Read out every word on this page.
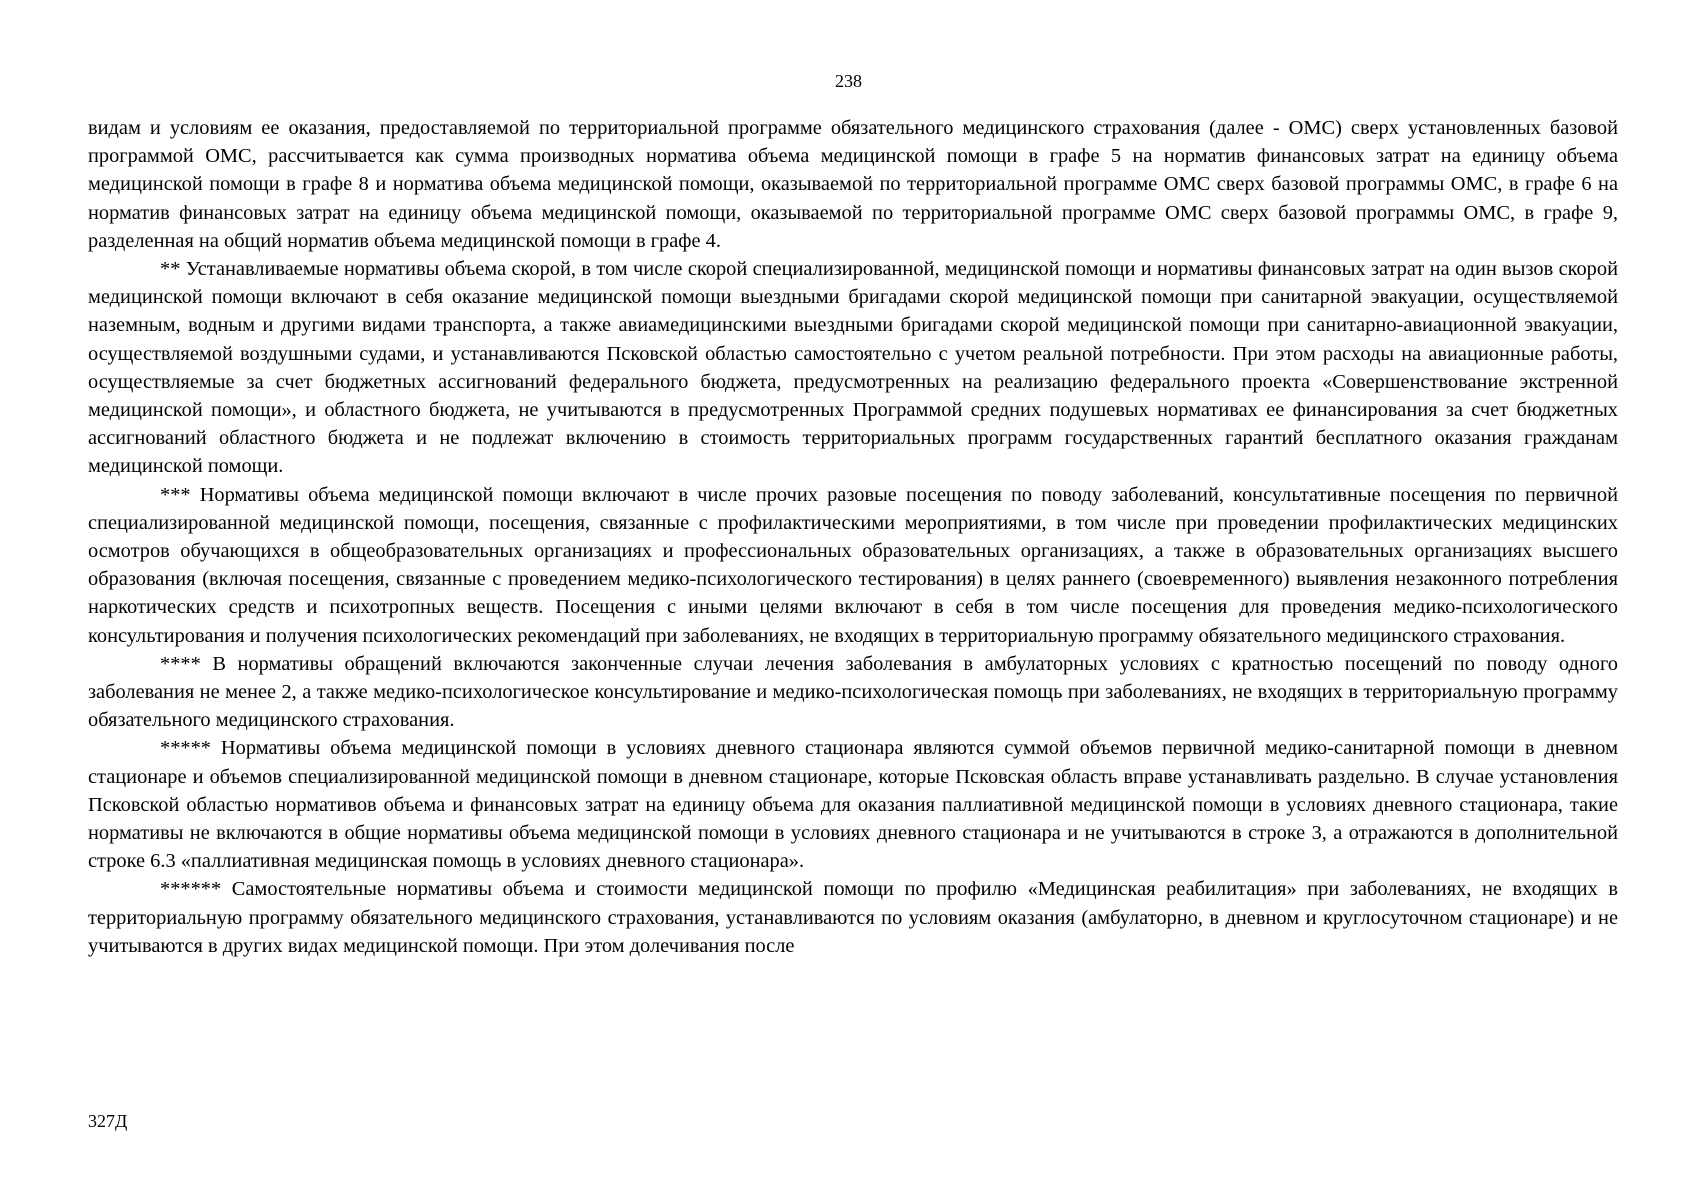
238

видам и условиям ее оказания, предоставляемой по территориальной программе обязательного медицинского страхования (далее - ОМС) сверх установленных базовой программой ОМС, рассчитывается как сумма производных норматива объема медицинской помощи в графе 5 на норматив финансовых затрат на единицу объема медицинской помощи в графе 8 и норматива объема медицинской помощи, оказываемой по территориальной программе ОМС сверх базовой программы ОМС, в графе 6 на норматив финансовых затрат на единицу объема медицинской помощи, оказываемой по территориальной программе ОМС сверх базовой программы ОМС, в графе 9, разделенная на общий норматив объема медицинской помощи в графе 4.

** Устанавливаемые нормативы объема скорой, в том числе скорой специализированной, медицинской помощи и нормативы финансовых затрат на один вызов скорой медицинской помощи включают в себя оказание медицинской помощи выездными бригадами скорой медицинской помощи при санитарной эвакуации, осуществляемой наземным, водным и другими видами транспорта, а также авиамедицинскими выездными бригадами скорой медицинской помощи при санитарно-авиационной эвакуации, осуществляемой воздушными судами, и устанавливаются Псковской областью самостоятельно с учетом реальной потребности. При этом расходы на авиационные работы, осуществляемые за счет бюджетных ассигнований федерального бюджета, предусмотренных на реализацию федерального проекта «Совершенствование экстренной медицинской помощи», и областного бюджета, не учитываются в предусмотренных Программой средних подушевых нормативах ее финансирования за счет бюджетных ассигнований областного бюджета и не подлежат включению в стоимость территориальных программ государственных гарантий бесплатного оказания гражданам медицинской помощи.

*** Нормативы объема медицинской помощи включают в числе прочих разовые посещения по поводу заболеваний, консультативные посещения по первичной специализированной медицинской помощи, посещения, связанные с профилактическими мероприятиями, в том числе при проведении профилактических медицинских осмотров обучающихся в общеобразовательных организациях и профессиональных образовательных организациях, а также в образовательных организациях высшего образования (включая посещения, связанные с проведением медико-психологического тестирования) в целях раннего (своевременного) выявления незаконного потребления наркотических средств и психотропных веществ. Посещения с иными целями включают в себя в том числе посещения для проведения медико-психологического консультирования и получения психологических рекомендаций при заболеваниях, не входящих в территориальную программу обязательного медицинского страхования.

**** В нормативы обращений включаются законченные случаи лечения заболевания в амбулаторных условиях с кратностью посещений по поводу одного заболевания не менее 2, а также медико-психологическое консультирование и медико-психологическая помощь при заболеваниях, не входящих в территориальную программу обязательного медицинского страхования.

***** Нормативы объема медицинской помощи в условиях дневного стационара являются суммой объемов первичной медико-санитарной помощи в дневном стационаре и объемов специализированной медицинской помощи в дневном стационаре, которые Псковская область вправе устанавливать раздельно. В случае установления Псковской областью нормативов объема и финансовых затрат на единицу объема для оказания паллиативной медицинской помощи в условиях дневного стационара, такие нормативы не включаются в общие нормативы объема медицинской помощи в условиях дневного стационара и не учитываются в строке 3, а отражаются в дополнительной строке 6.3 «паллиативная медицинская помощь в условиях дневного стационара».

****** Самостоятельные нормативы объема и стоимости медицинской помощи по профилю «Медицинская реабилитация» при заболеваниях, не входящих в территориальную программу обязательного медицинского страхования, устанавливаются по условиям оказания (амбулаторно, в дневном и круглосуточном стационаре) и не учитываются в других видах медицинской помощи. При этом долечивания после

327Д
